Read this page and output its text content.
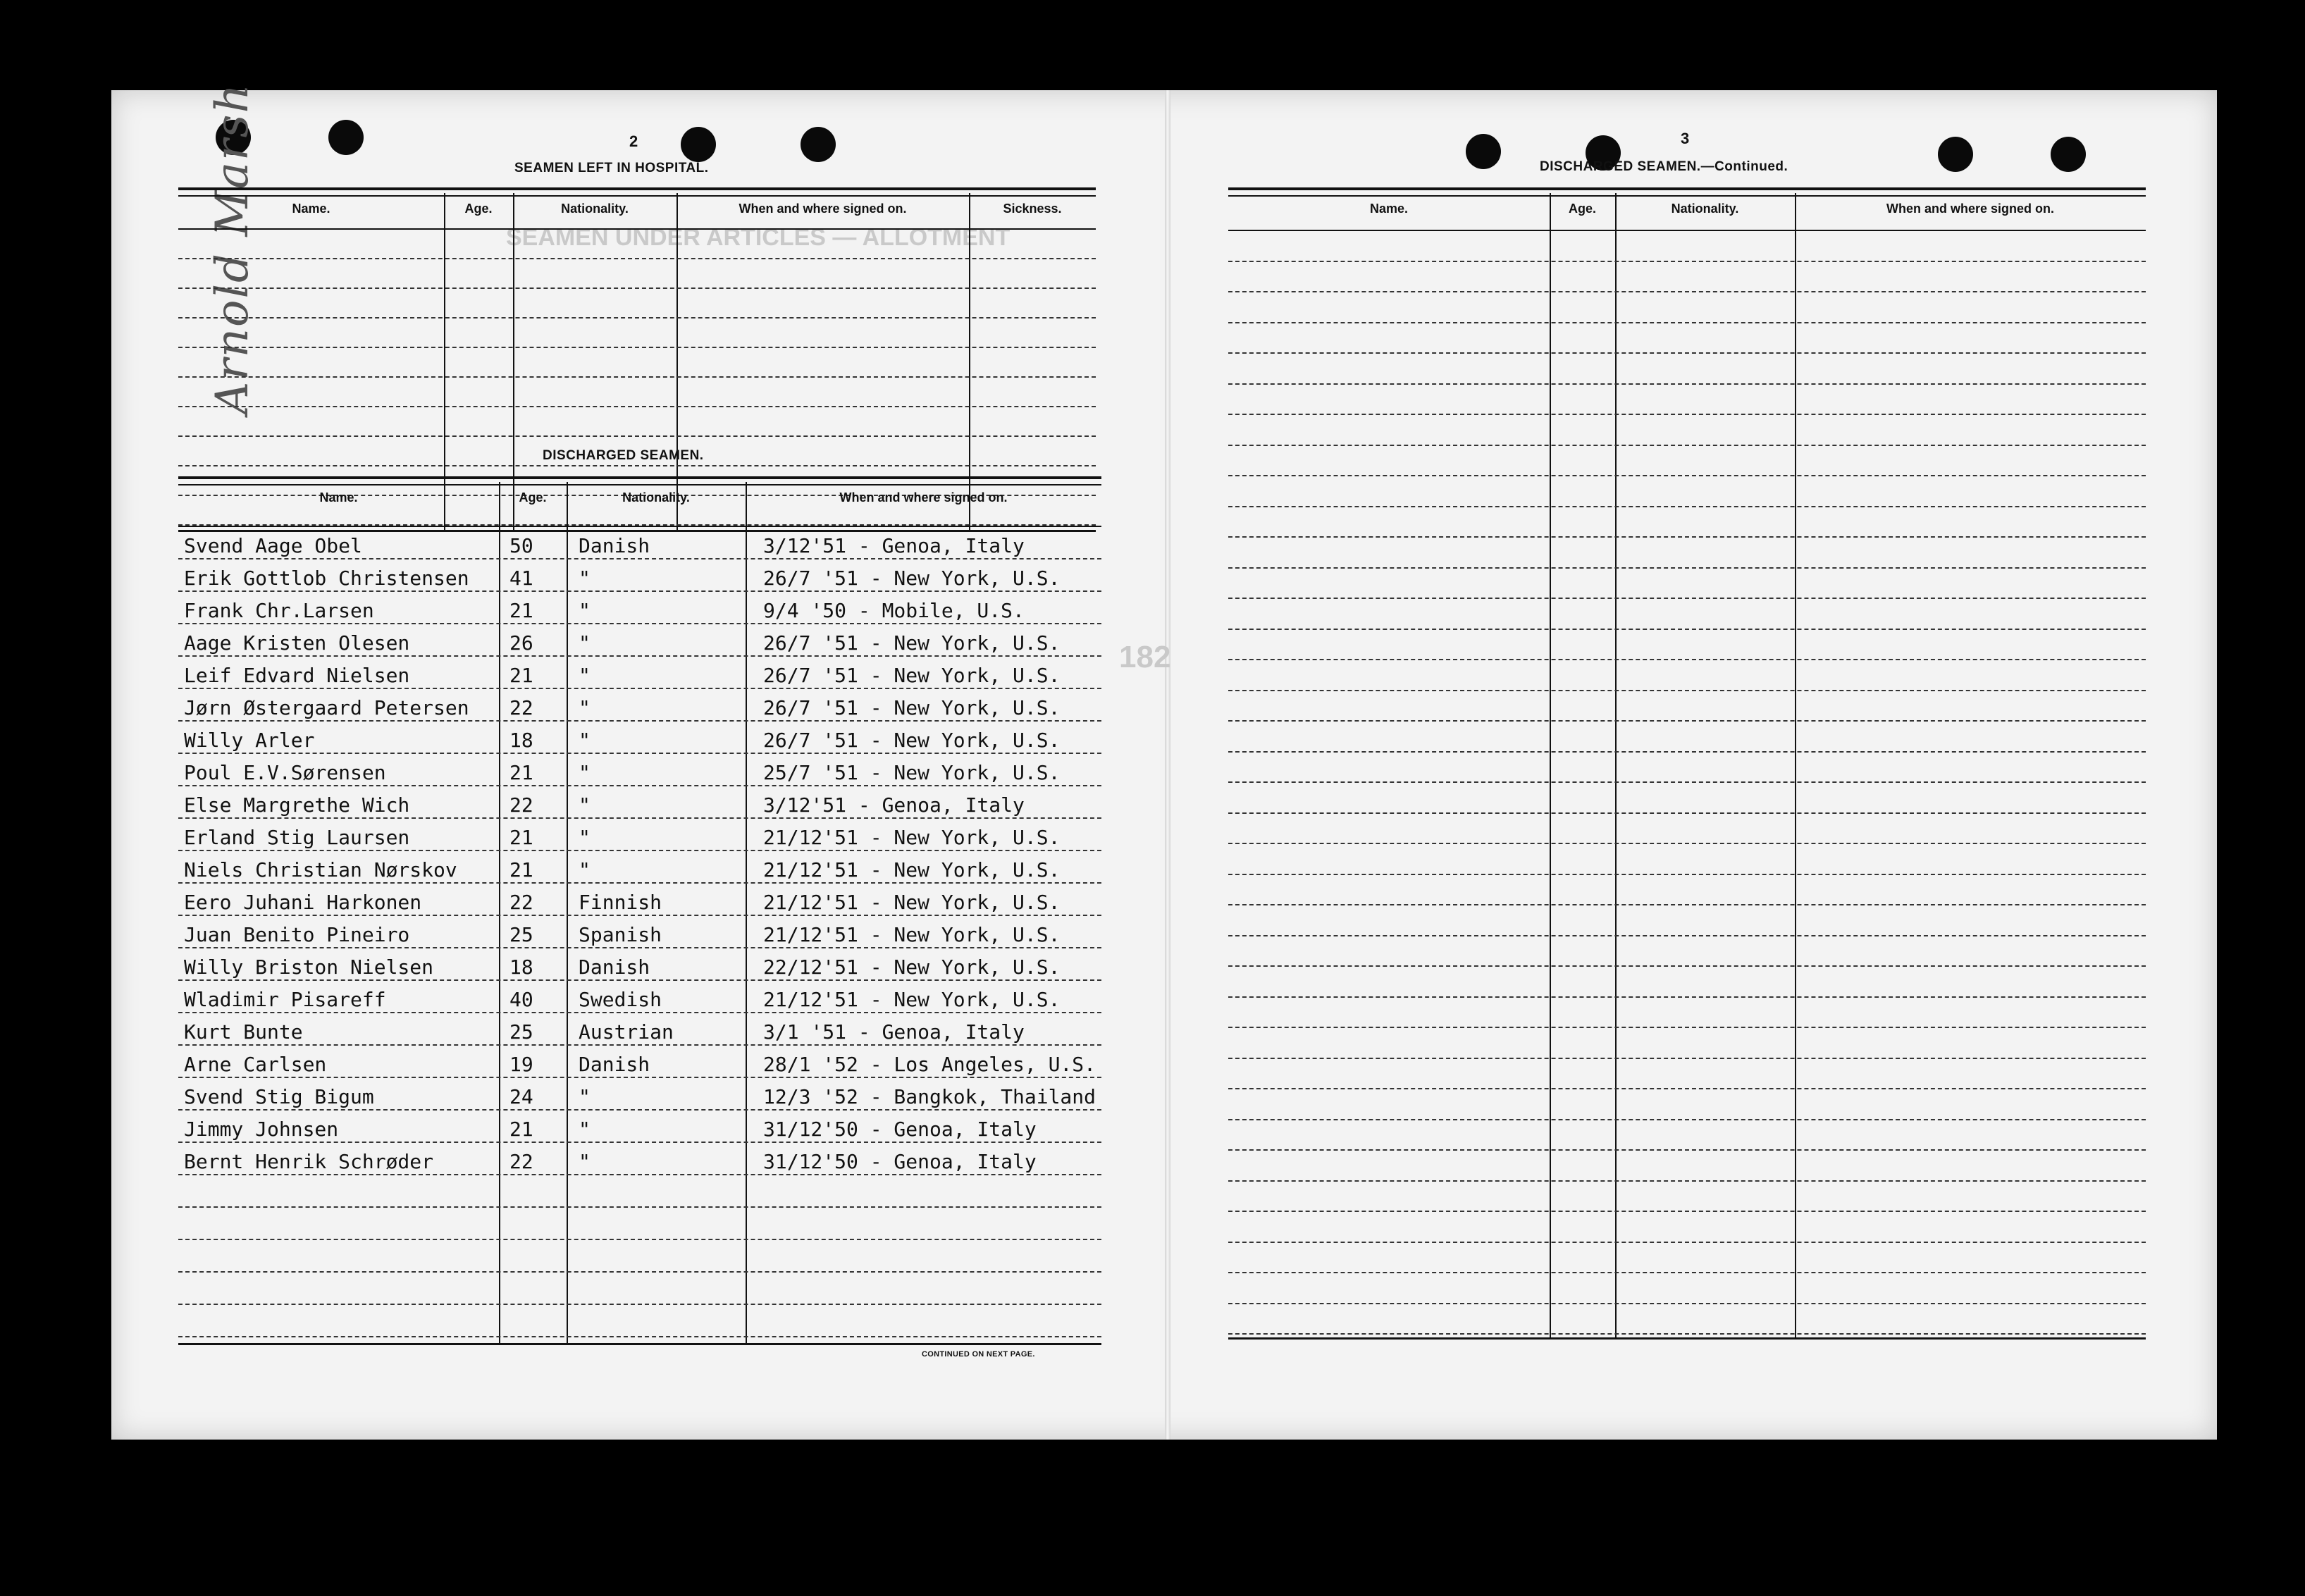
SEAMEN UNDER ARTICLES — ALLOTMENT
182
Arnold Marsh	2
SEAMEN LEFT IN HOSPITAL.
Name.	Age.	Nationality.	When and where signed on.	Sickness.
DISCHARGED SEAMEN.
Name.	Age.	Nationality.	When and where signed on.
Svend Aage Obel	50 Danish	3/12'51 - Genoa, Italy
Erik Gottlob Christensen 41 "	26/7 '51 - New York, U.S.
Frank Chr.Larsen	21 "	9/4 '50 - Mobile, U.S.
Aage Kristen Olesen	26 "	26/7 '51 - New York, U.S.
Leif Edvard Nielsen	21 "	26/7 '51 - New York, U.S.
Jørn Østergaard Petersen 22 "	26/7 '51 - New York, U.S.
Willy Arler	18 "	26/7 '51 - New York, U.S.
Poul E.V.Sørensen	21 "	25/7 '51 - New York, U.S.
Else Margrethe Wich	22 "	3/12'51 - Genoa, Italy
Erland Stig Laursen	21 "	21/12'51 - New York, U.S.
Niels Christian Nørskov	21 "	21/12'51 - New York, U.S.
Eero Juhani Harkonen	22 Finnish	21/12'51 - New York, U.S.
Juan Benito Pineiro	25 Spanish	21/12'51 - New York, U.S.
Willy Briston Nielsen	18 Danish	22/12'51 - New York, U.S.
Wladimir Pisareff	40 Swedish	21/12'51 - New York, U.S.
Kurt Bunte	25 Austrian	3/1 '51 - Genoa, Italy
Arne Carlsen	19 Danish	28/1 '52 - Los Angeles, U.S.
Svend Stig Bigum	24 "	12/3 '52 - Bangkok, Thailand
Jimmy Johnsen	21 "	31/12'50 - Genoa, Italy
Bernt Henrik Schrøder	22 "	31/12'50 - Genoa, Italy
CONTINUED ON NEXT PAGE.
3
DISCHARGED SEAMEN.—Continued.
Name.	Age.	Nationality.	When and where signed on.
